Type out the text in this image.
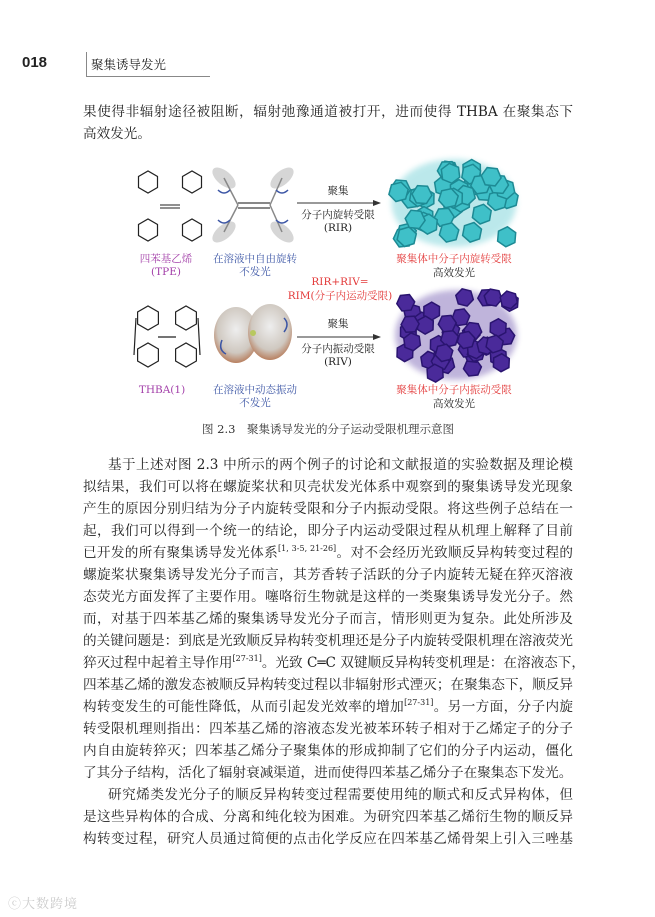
018	聚集诱导发光
果使得非辐射途径被阻断，辐射弛豫通道被打开，进而使得 THBA 在聚集态下
高效发光。
四苯基乙烯
(TPE)
在溶液中自由旋转
不发光
聚集
分子内旋转受限
(RIR)
聚集体中分子内旋转受限
高效发光
RIR+RIV=
RIM(分子内运动受限)
THBA(1)	在溶液中动态振动
不发光
聚集
分子内振动受限
(RIV)
聚集体中分子内振动受限
高效发光
图 2.3　聚集诱导发光的分子运动受限机理示意图
基于上述对图 2.3 中所示的两个例子的讨论和文献报道的实验数据及理论模
拟结果，我们可以将在螺旋桨状和贝壳状发光体系中观察到的聚集诱导发光现象
产生的原因分别归结为分子内旋转受限和分子内振动受限。将这些例子总结在一
起，我们可以得到一个统一的结论，即分子内运动受限过程从机理上解释了目前
已开发的所有聚集诱导发光体系[1, 3-5, 21-26]。对不会经历光致顺反异构转变过程的
螺旋桨状聚集诱导发光分子而言，其芳香转子活跃的分子内旋转无疑在猝灭溶液
态荧光方面发挥了主要作用。噻咯衍生物就是这样的一类聚集诱导发光分子。然
而，对基于四苯基乙烯的聚集诱导发光分子而言，情形则更为复杂。此处所涉及
的关键问题是：到底是光致顺反异构转变机理还是分子内旋转受限机理在溶液荧光
猝灭过程中起着主导作用[27-31]。光致 C═C 双键顺反异构转变机理是：在溶液态下，
四苯基乙烯的激发态被顺反异构转变过程以非辐射形式湮灭；在聚集态下，顺反异
构转变发生的可能性降低，从而引起发光效率的增加[27-31]。另一方面，分子内旋
转受限机理则指出：四苯基乙烯的溶液态发光被苯环转子相对于乙烯定子的分子
内自由旋转猝灭；四苯基乙烯分子聚集体的形成抑制了它们的分子内运动，僵化
了其分子结构，活化了辐射衰减渠道，进而使得四苯基乙烯分子在聚集态下发光。
研究烯类发光分子的顺反异构转变过程需要使用纯的顺式和反式异构体，但
是这些异构体的合成、分离和纯化较为困难。为研究四苯基乙烯衍生物的顺反异
构转变过程，研究人员通过简便的点击化学反应在四苯基乙烯骨架上引入三唑基
ⓒ大数跨境
